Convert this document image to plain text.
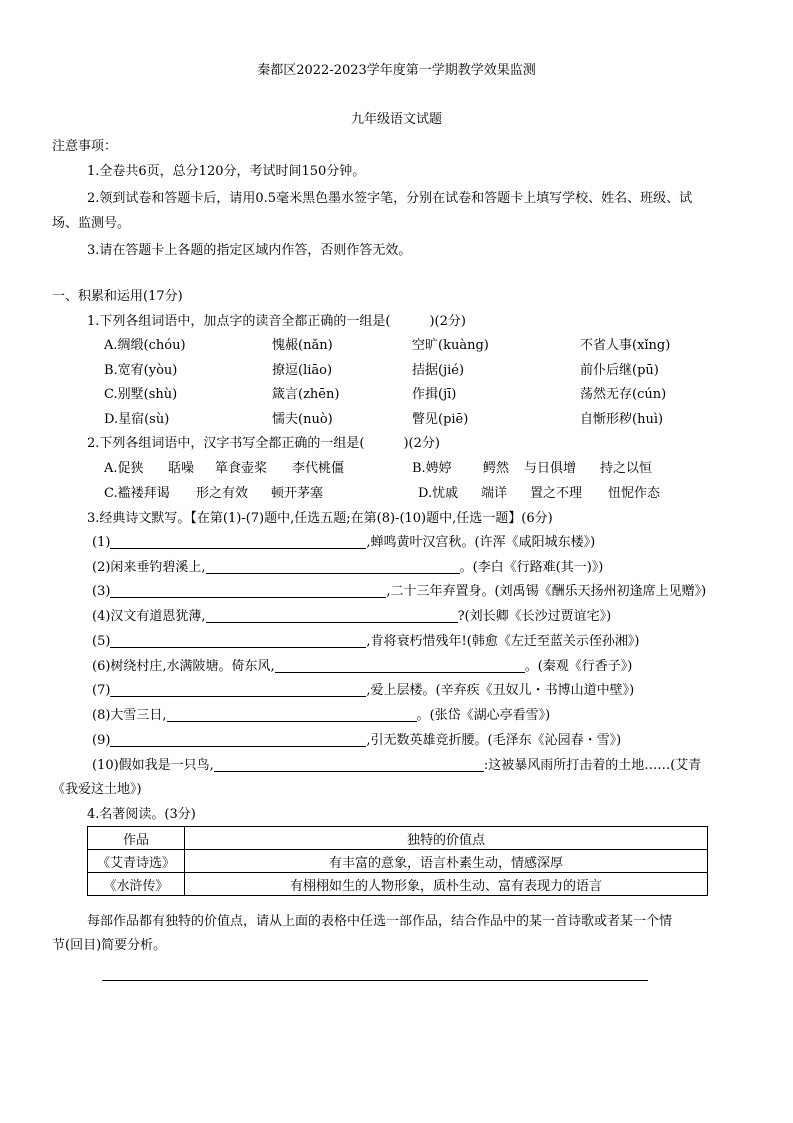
秦都区2022-2023学年度第一学期教学效果监测
九年级语文试题
注意事项：
1.全卷共6页，总分120分，考试时间150分钟。
2.领到试卷和答题卡后，请用0.5毫米黑色墨水签字笔，分别在试卷和答题卡上填写学校、姓名、班级、试
场、监测号。
3.请在答题卡上各题的指定区域内作答，否则作答无效。
一、积累和运用(17分)
1.下列各组词语中，加点字的读音全都正确的一组是(　　　)(2分)
A.绸缎(chóu)	愧赧(nǎn)	空旷(kuàng)	不省人事(xǐng)
B.宽宥(yòu)	撩逗(liāo)	拮据(jié)	前仆后继(pū)
C.别墅(shù)	箴言(zhēn)	作揖(jī)	荡然无存(cún)
D.星宿(sù)	懦夫(nuò)	瞥见(piē)	自惭形秽(huì)
2.下列各组词语中，汉字书写全都正确的一组是(　　　)(2分)
A.促狭 聒噪 箪食壶桨 李代桃僵	B.娉婷 鳄然 与日俱增 持之以恒
C.褴褛拜谒 形之有效 顿开茅塞	D.忧戚 端详 置之不理 忸怩作态
3.经典诗文默写。【在第(1)-(7)题中,任选五题;在第(8)-(10)题中,任选一题】(6分)
(1)	,蝉鸣黄叶汉宫秋。(许浑《咸阳城东楼》)
(2)闲来垂钓碧溪上,	。(李白《行路难(其一)》)
(3)	,二十三年弃置身。(刘禹锡《酬乐天扬州初逢席上见赠》)
(4)汉文有道恩犹薄,	?(刘长卿《长沙过贾谊宅》)
(5)	,肯将衰朽惜残年!(韩愈《左迁至蓝关示侄孙湘》)
(6)树绕村庄,水满陂塘。倚东风,	。(秦观《行香子》)
(7)	,爱上层楼。(辛弃疾《丑奴儿・书博山道中壁》)
(8)大雪三日,	。(张岱《湖心亭看雪》)
(9)	,引无数英雄竞折腰。(毛泽东《沁园春・雪》)
(10)假如我是一只鸟,	:这被暴风雨所打击着的土地……(艾青
《我爱这土地》)
4.名著阅读。(3分)
作品	独特的价值点
《艾青诗选》	有丰富的意象，语言朴素生动，情感深厚
《水浒传》	有栩栩如生的人物形象，质朴生动、富有表现力的语言
每部作品都有独特的价值点，请从上面的表格中任选一部作品，结合作品中的某一首诗歌或者某一个情
节(回目)简要分析。
